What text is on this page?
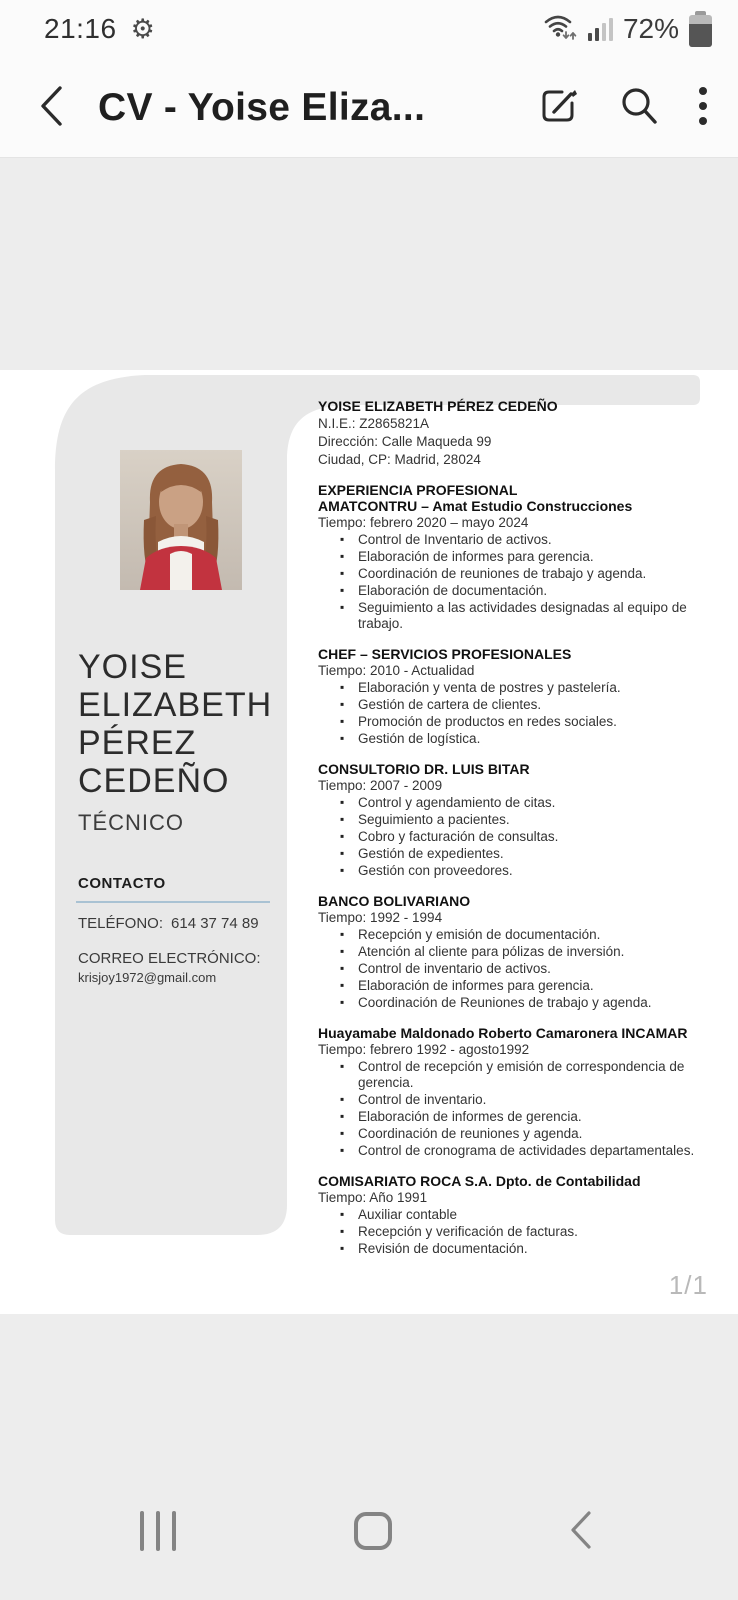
21:16 ⚙	72%
CV - Yoise Eliza...
YOISE
ELIZABETH
PÉREZ
CEDEÑO
TÉCNICO
CONTACTO
TELÉFONO: 614 37 74 89
CORREO ELECTRÓNICO:
krisjoy1972@gmail.com
YOISE ELIZABETH PÉREZ CEDEÑO
N.I.E.: Z2865821A
Dirección: Calle Maqueda 99
Ciudad, CP: Madrid, 28024
EXPERIENCIA PROFESIONAL
AMATCONTRU – Amat Estudio Construcciones
Tiempo: febrero 2020 – mayo 2024
▪ Control de Inventario de activos.
▪ Elaboración de informes para gerencia.
▪ Coordinación de reuniones de trabajo y agenda.
▪ Elaboración de documentación.
▪ Seguimiento a las actividades designadas al equipo de trabajo.
CHEF – SERVICIOS PROFESIONALES
Tiempo: 2010 - Actualidad
▪ Elaboración y venta de postres y pastelería.
▪ Gestión de cartera de clientes.
▪ Promoción de productos en redes sociales.
▪ Gestión de logística.
CONSULTORIO DR. LUIS BITAR
Tiempo: 2007 - 2009
▪ Control y agendamiento de citas.
▪ Seguimiento a pacientes.
▪ Cobro y facturación de consultas.
▪ Gestión de expedientes.
▪ Gestión con proveedores.
BANCO BOLIVARIANO
Tiempo: 1992 - 1994
▪ Recepción y emisión de documentación.
▪ Atención al cliente para pólizas de inversión.
▪ Control de inventario de activos.
▪ Elaboración de informes para gerencia.
▪ Coordinación de Reuniones de trabajo y agenda.
Huayamabe Maldonado Roberto Camaronera INCAMAR
Tiempo: febrero 1992 - agosto1992
▪ Control de recepción y emisión de correspondencia de gerencia.
▪ Control de inventario.
▪ Elaboración de informes de gerencia.
▪ Coordinación de reuniones y agenda.
▪ Control de cronograma de actividades departamentales.
COMISARIATO ROCA S.A. Dpto. de Contabilidad
Tiempo: Año 1991
▪ Auxiliar contable
▪ Recepción y verificación de facturas.
▪ Revisión de documentación.
1/1
